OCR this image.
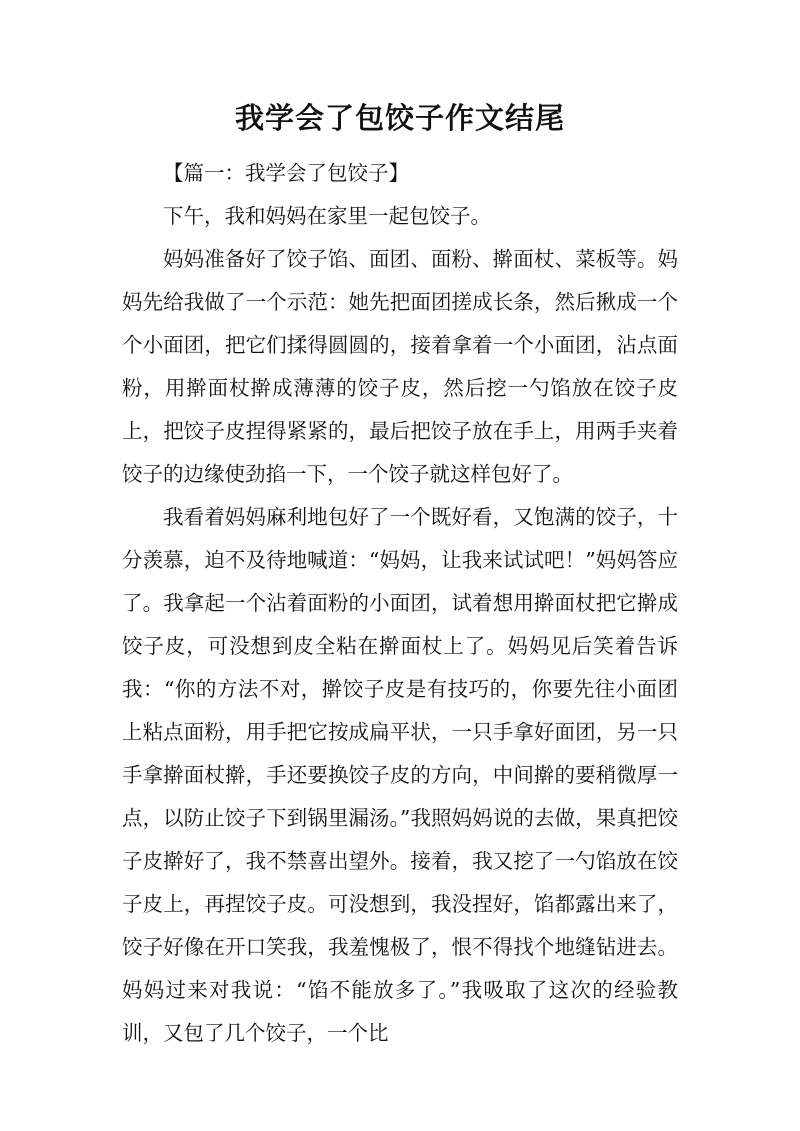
我学会了包饺子作文结尾

【篇一：我学会了包饺子】

下午，我和妈妈在家里一起包饺子。

妈妈准备好了饺子馅、面团、面粉、擀面杖、菜板等。妈妈先给我做了一个示范：她先把面团搓成长条，然后揪成一个个小面团，把它们揉得圆圆的，接着拿着一个小面团，沾点面粉，用擀面杖擀成薄薄的饺子皮，然后挖一勺馅放在饺子皮上，把饺子皮捏得紧紧的，最后把饺子放在手上，用两手夹着饺子的边缘使劲掐一下，一个饺子就这样包好了。

我看着妈妈麻利地包好了一个既好看，又饱满的饺子，十分羡慕，迫不及待地喊道：“妈妈，让我来试试吧！”妈妈答应了。我拿起一个沾着面粉的小面团，试着想用擀面杖把它擀成饺子皮，可没想到皮全粘在擀面杖上了。妈妈见后笑着告诉我：“你的方法不对，擀饺子皮是有技巧的，你要先往小面团上粘点面粉，用手把它按成扁平状，一只手拿好面团，另一只手拿擀面杖擀，手还要换饺子皮的方向，中间擀的要稍微厚一点，以防止饺子下到锅里漏汤。”我照妈妈说的去做，果真把饺子皮擀好了，我不禁喜出望外。接着，我又挖了一勺馅放在饺子皮上，再捏饺子皮。可没想到，我没捏好，馅都露出来了，饺子好像在开口笑我，我羞愧极了，恨不得找个地缝钻进去。妈妈过来对我说：“馅不能放多了。”我吸取了这次的经验教训，又包了几个饺子，一个比
